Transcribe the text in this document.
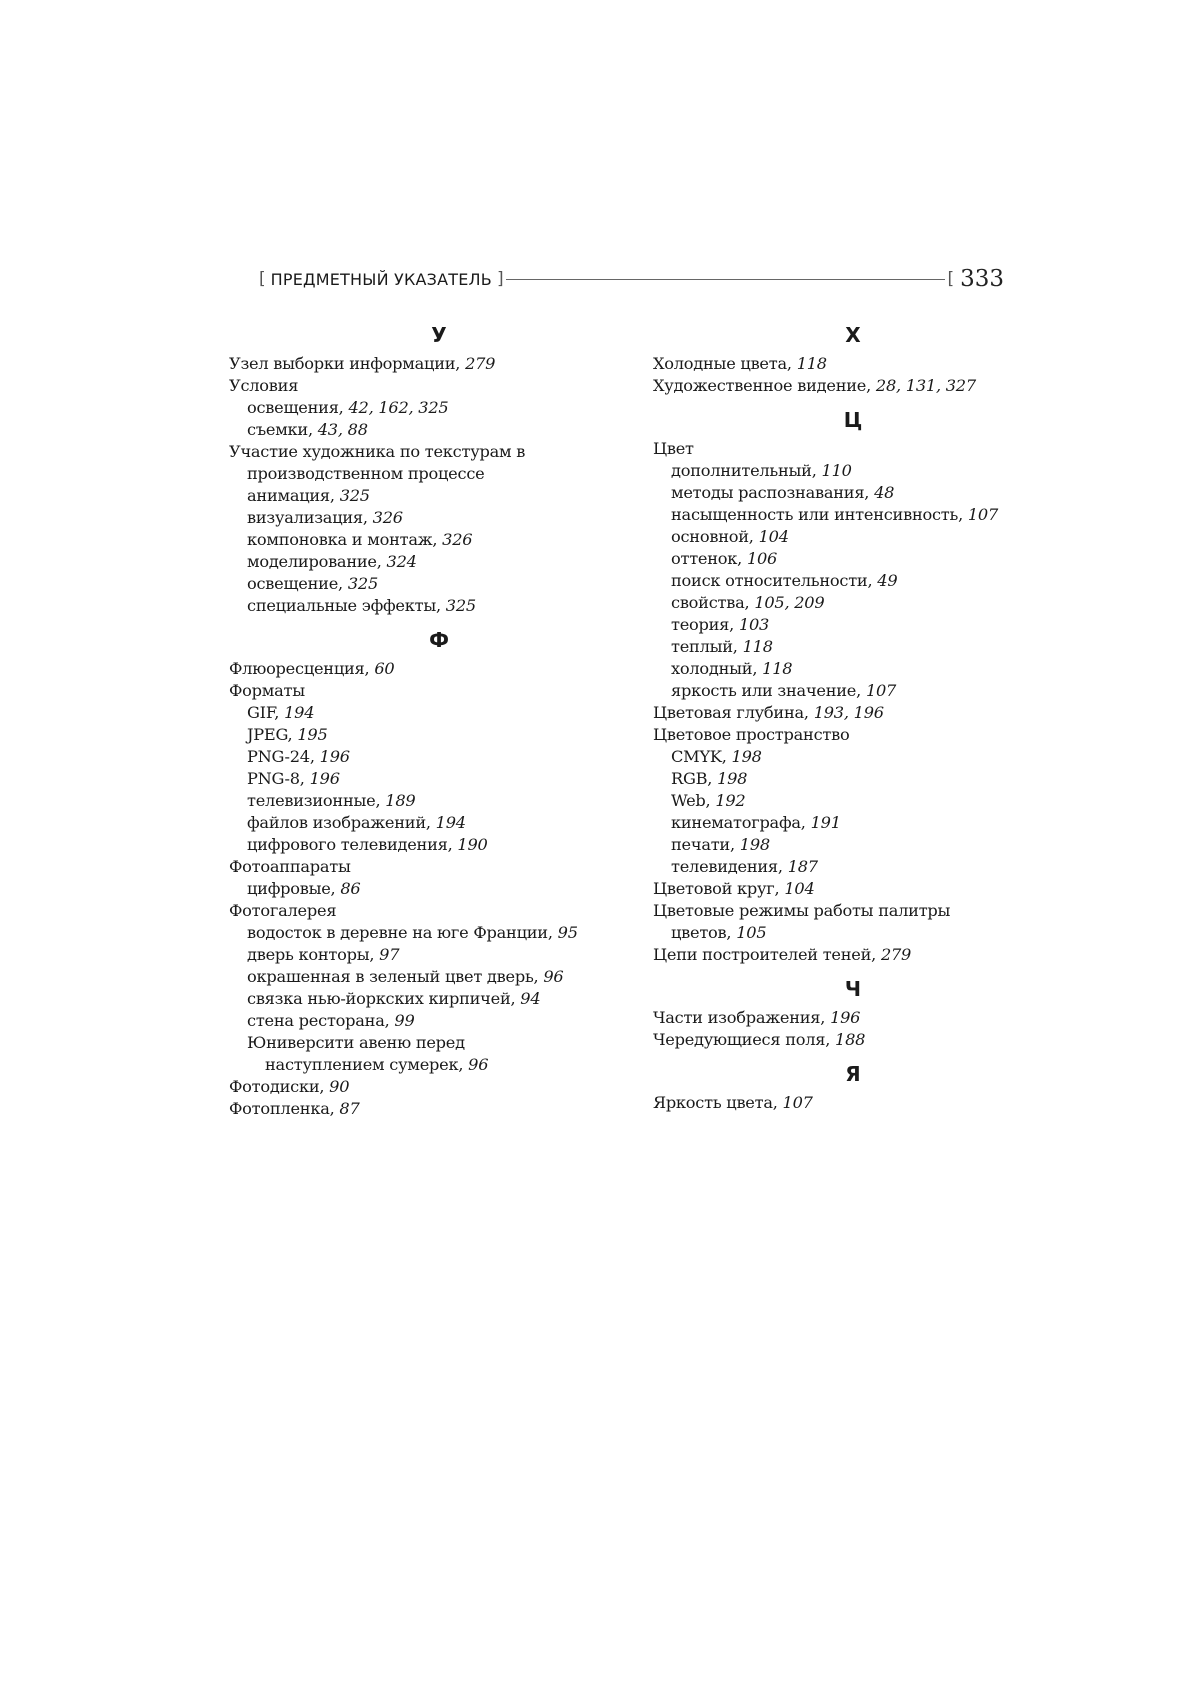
[ ПРЕДМЕТНЫЙ УКАЗАТЕЛЬ ]	[ 333
У
Узел выборки информации, 279
Условия
освещения, 42, 162, 325
съемки, 43, 88
Участие художника по текстурам в
производственном процессе
анимация, 325
визуализация, 326
компоновка и монтаж, 326
моделирование, 324
освещение, 325
специальные эффекты, 325
Ф
Флюоресценция, 60
Форматы
GIF, 194
JPEG, 195
PNG-24, 196
PNG-8, 196
телевизионные, 189
файлов изображений, 194
цифрового телевидения, 190
Фотоаппараты
цифровые, 86
Фотогалерея
водосток в деревне на юге Франции, 95
дверь конторы, 97
окрашенная в зеленый цвет дверь, 96
связка нью-йоркских кирпичей, 94
стена ресторана, 99
Юниверсити авеню перед
наступлением сумерек, 96
Фотодиски, 90
Фотопленка, 87
Х
Холодные цвета, 118
Художественное видение, 28, 131, 327
Ц
Цвет
дополнительный, 110
методы распознавания, 48
насыщенность или интенсивность, 107
основной, 104
оттенок, 106
поиск относительности, 49
свойства, 105, 209
теория, 103
теплый, 118
холодный, 118
яркость или значение, 107
Цветовая глубина, 193, 196
Цветовое пространство
CMYK, 198
RGB, 198
Web, 192
кинематографа, 191
печати, 198
телевидения, 187
Цветовой круг, 104
Цветовые режимы работы палитры
цветов, 105
Цепи построителей теней, 279
Ч
Части изображения, 196
Чередующиеся поля, 188
Я
Яркость цвета, 107
